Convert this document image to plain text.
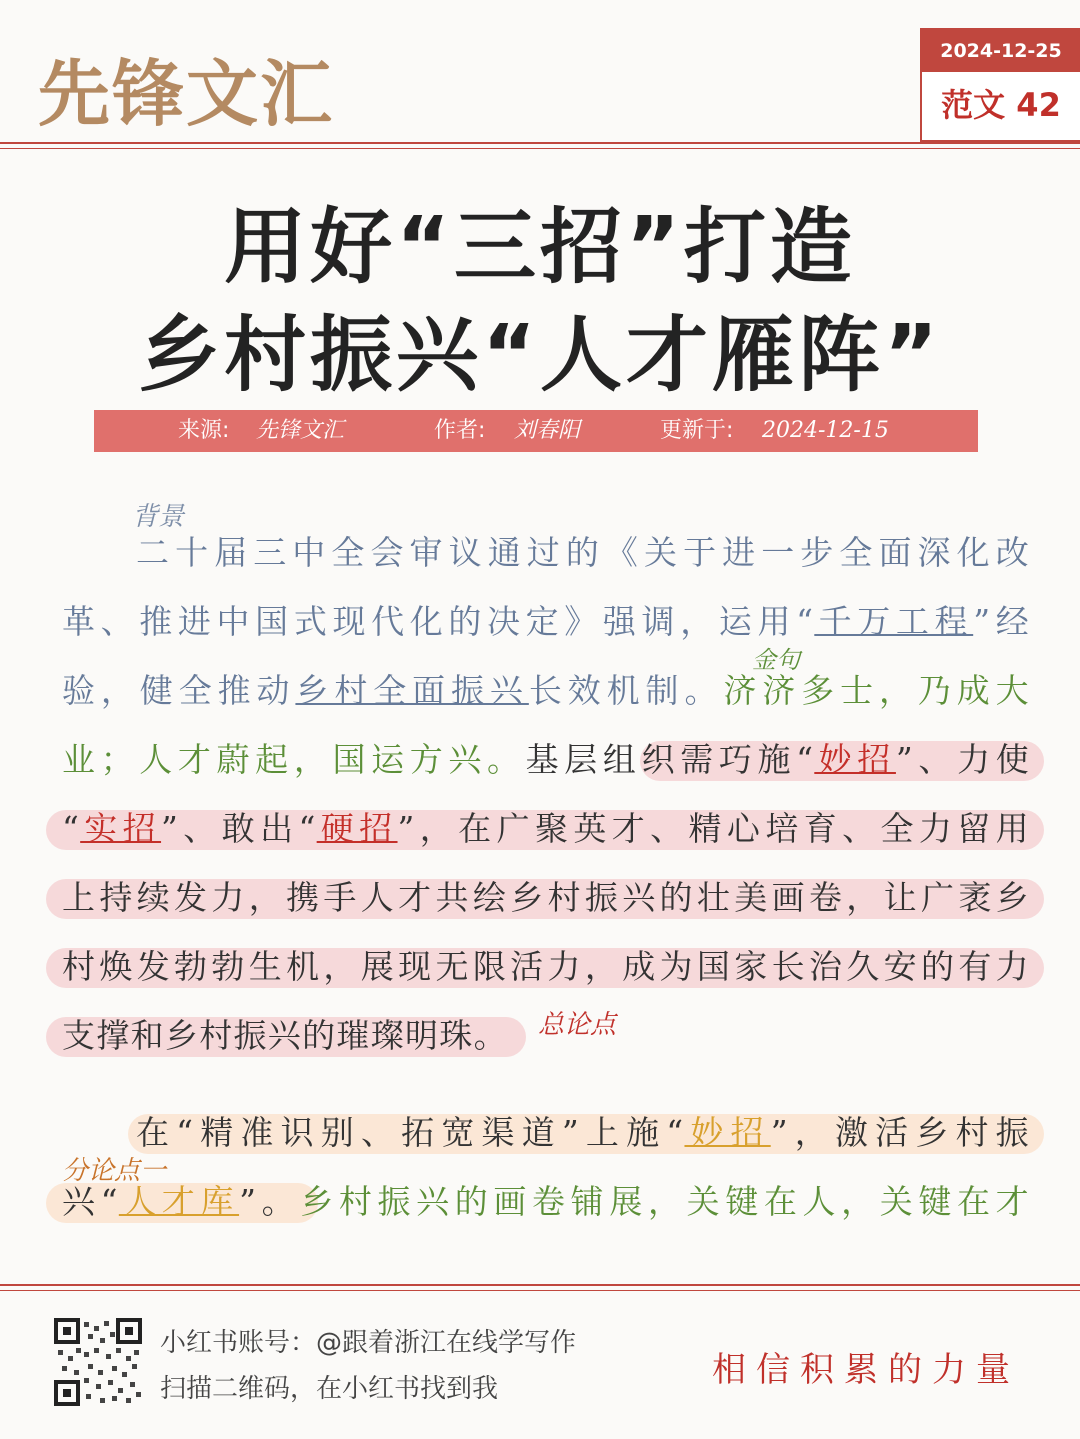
先锋文汇
2024-12-25
范文 42
用好“三招”打造
乡村振兴“人才雁阵”
来源: 先锋文汇	作者: 刘春阳	更新于: 2024-12-15
背景
金句
总论点
分论点一
二十届三中全会审议通过的《关于进一步全面深化改
革、推进中国式现代化的决定》强调，运用“千万工程”经
验，健全推动乡村全面振兴长效机制。济济多士，乃成大
业；人才蔚起，国运方兴。基层组织需巧施“妙招”、力使
“实招”、敢出“硬招”，在广聚英才、精心培育、全力留用
上持续发力，携手人才共绘乡村振兴的壮美画卷，让广袤乡
村焕发勃勃生机，展现无限活力，成为国家长治久安的有力
支撑和乡村振兴的璀璨明珠。
在“精准识别、拓宽渠道”上施“妙招”，激活乡村振
兴“人才库”。乡村振兴的画卷铺展，关键在人，关键在才
小红书账号：@跟着浙江在线学写作
扫描二维码，在小红书找到我	相信积累的力量
